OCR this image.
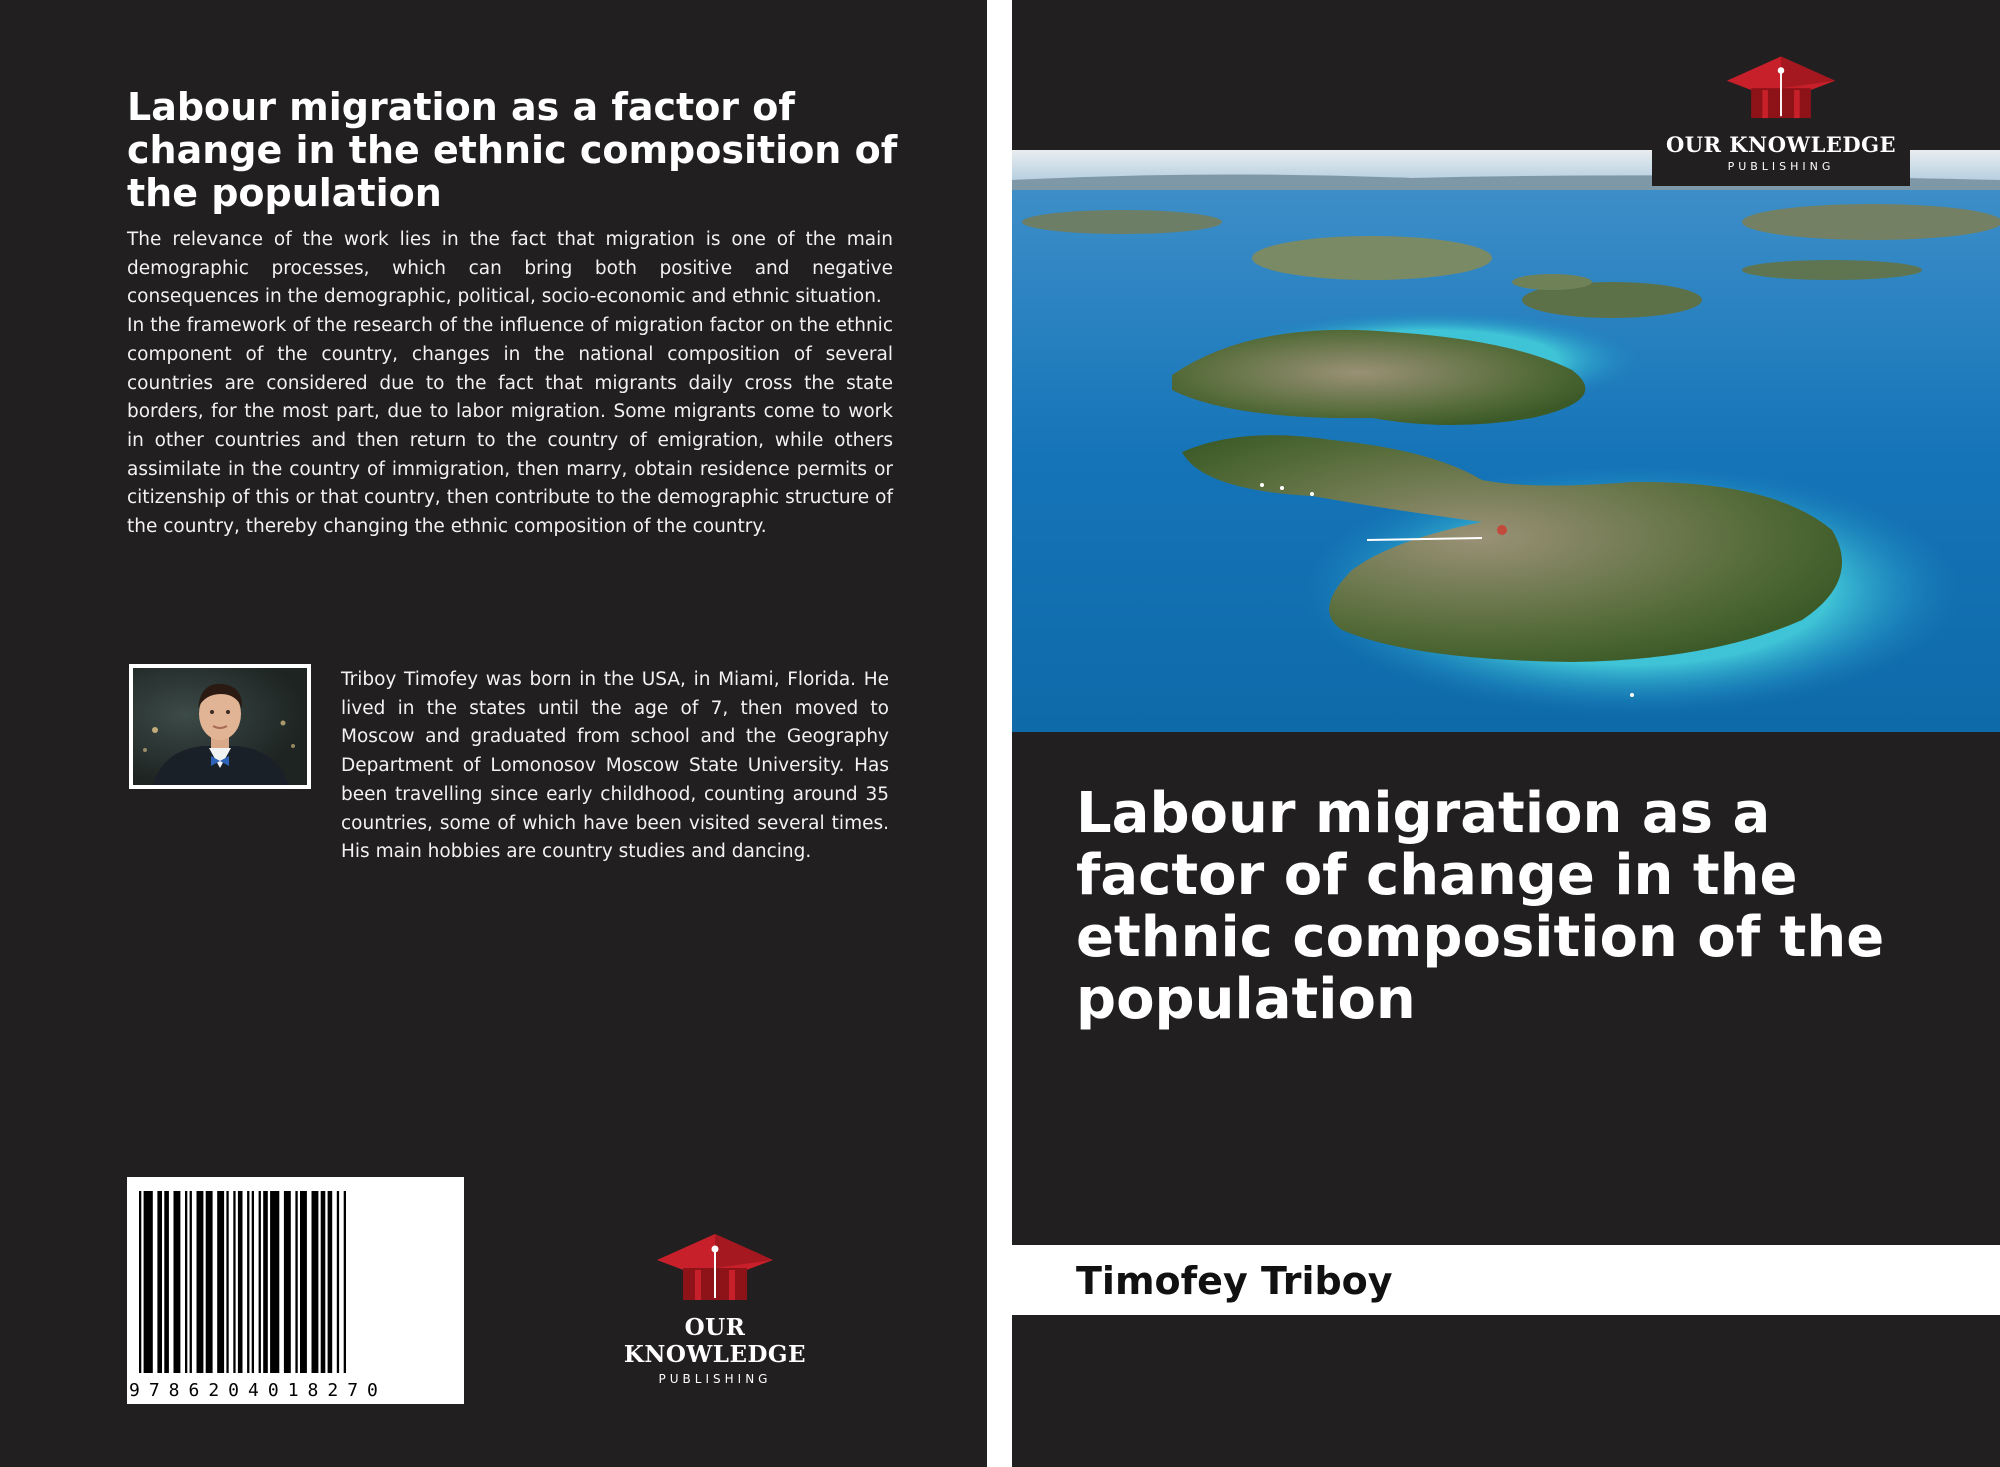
Labour migration as a factor of change in the ethnic composition of the population

The relevance of the work lies in the fact that migration is one of the main demographic processes, which can bring both positive and negative consequences in the demographic, political, socio-economic and ethnic situation.

In the framework of the research of the influence of migration factor on the ethnic component of the country, changes in the national composition of several countries are considered due to the fact that migrants daily cross the state borders, for the most part, due to labor migration. Some migrants come to work in other countries and then return to the country of emigration, while others assimilate in the country of immigration, then marry, obtain residence permits or citizenship of this or that country, then contribute to the demographic structure of the country, thereby changing the ethnic composition of the country.

Triboy Timofey was born in the USA, in Miami, Florida. He lived in the states until the age of 7, then moved to Moscow and graduated from school and the Geography Department of Lomonosov Moscow State University. Has been travelling since early childhood, counting around 35 countries, some of which have been visited several times. His main hobbies are country studies and dancing.

9786204018270
OUR KNOWLEDGE
PUBLISHING
OUR KNOWLEDGE
PUBLISHING
Labour migration as a factor of change in the ethnic composition of the population

Timofey Triboy
